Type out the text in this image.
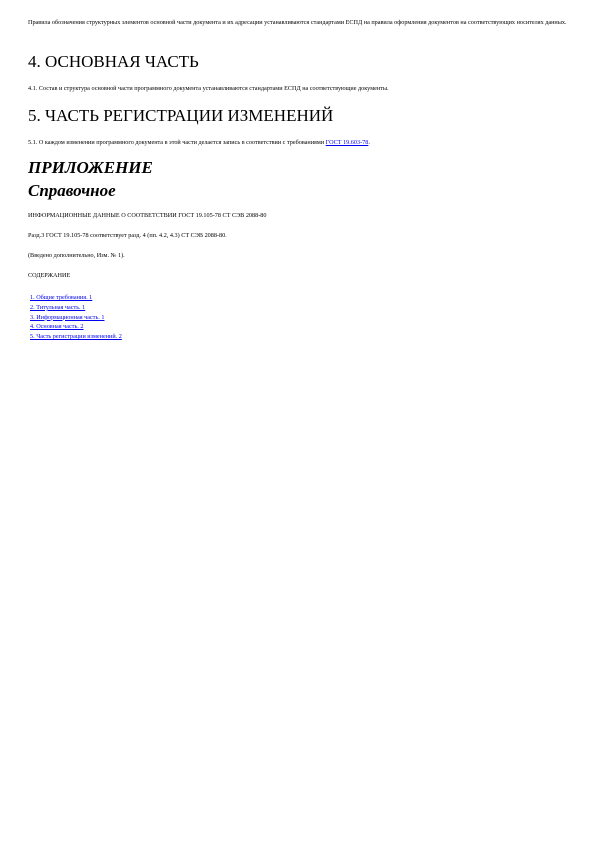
Правила обозначения структурных элементов основной части документа и их адресации устанавливаются стандартами ЕСПД на правила оформления документов на соответствующих носителях данных.

4. ОСНОВНАЯ ЧАСТЬ

4.1. Состав и структура основной части программного документа устанавливаются стандартами ЕСПД на соответствующие документы.

5. ЧАСТЬ РЕГИСТРАЦИИ ИЗМЕНЕНИЙ

5.1. О каждом изменении программного документа в этой части делается запись в соответствии с требованиями ГОСТ 19.603-78.

ПРИЛОЖЕНИЕ
Справочное

ИНФОРМАЦИОННЫЕ ДАННЫЕ О СООТВЕТСТВИИ ГОСТ 19.105-78 СТ СЭВ 2088-80

Разд.3 ГОСТ 19.105-78 соответствует разд. 4 (пп. 4.2, 4.3) СТ СЭВ 2088-80.

(Введено дополнительно, Изм. № 1).

СОДЕРЖАНИЕ

1. Общие требования. 1
2. Титульная часть. 1
3. Информационная часть. 1
4. Основная часть. 2
5. Часть регистрации изменений. 2
